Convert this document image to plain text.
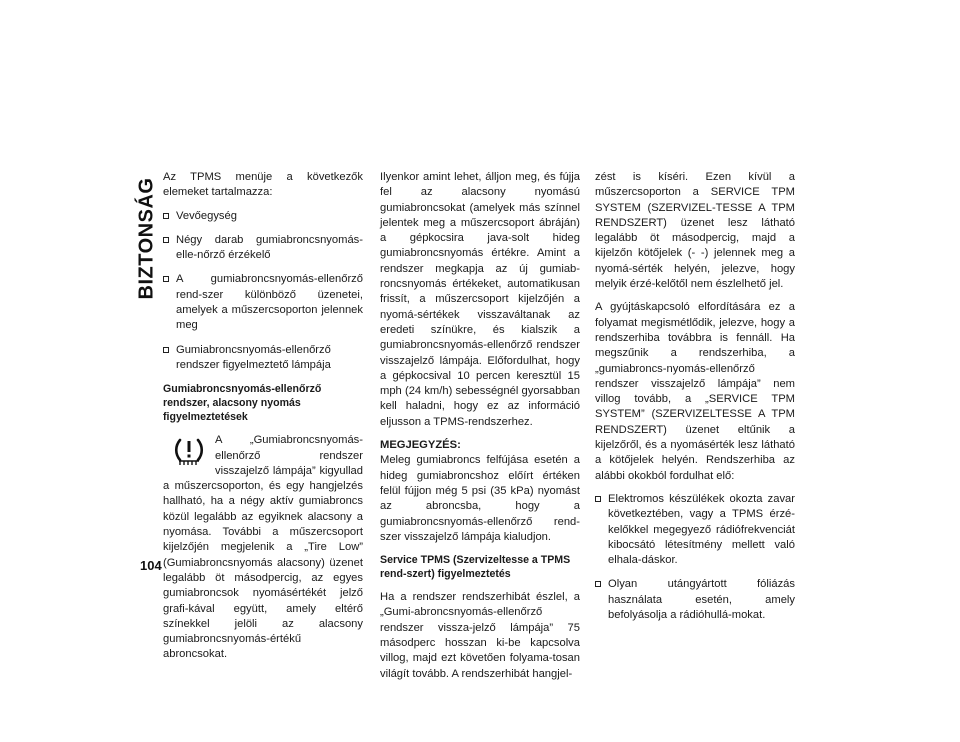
BIZTONSÁG

Az TPMS menüje a következők elemeket tartalmazza:

Vevőegység
Négy darab gumiabroncsnyomás-elle-nőrző érzékelő
A gumiabroncsnyomás-ellenőrző rend-szer különböző üzenetei, amelyek a műszercsoporton jelennek meg
Gumiabroncsnyomás-ellenőrző rendszer figyelmeztető lámpája
Gumiabroncsnyomás-ellenőrző rendszer, alacsony nyomás figyelmeztetések

A „Gumiabroncsnyomás-ellenőrző rendszer visszajelző lámpája” kigyullad a műszercsoporton, és egy hangjelzés hallható, ha a négy aktív gumiabroncs közül legalább az egyiknek alacsony a nyomása. További a műszercsoport kijelzőjén megjelenik a „Tire Low” (Gumiabroncsnyomás alacsony) üzenet legalább öt másodpercig, az egyes gumiabroncsok nyomásértékét jelző grafi-kával együtt, amely eltérő színekkel jelöli az alacsony gumiabroncsnyomás-értékű abroncsokat.

Ilyenkor amint lehet, álljon meg, és fújja fel az alacsony nyomású gumiabroncsokat (amelyek más színnel jelentek meg a műszercsoport ábráján) a gépkocsira java-solt hideg gumiabroncsnyomás értékre. Amint a rendszer megkapja az új gumiab-roncsnyomás értékeket, automatikusan frissít, a műszercsoport kijelzőjén a nyomá-sértékek visszaváltanak az eredeti színükre, és kialszik a gumiabroncsnyomás-ellenőrző rendszer visszajelző lámpája. Előfordulhat, hogy a gépkocsival 10 percen keresztül 15 mph (24 km/h) sebességnél gyorsabban kell haladni, hogy ez az információ eljusson a TPMS-rendszerhez.

MEGJEGYZÉS:
Meleg gumiabroncs felfújása esetén a hideg gumiabroncshoz előírt értéken felül fújjon még 5 psi (35 kPa) nyomást az abroncsba, hogy a gumiabroncsnyomás-ellenőrző rend-szer visszajelző lámpája kialudjon.

Service TPMS (Szervizeltesse a TPMS rend-szert) figyelmeztetés

Ha a rendszer rendszerhibát észlel, a „Gumi-abroncsnyomás-ellenőrző rendszer vissza-jelző lámpája” 75 másodperc hosszan ki-be kapcsolva villog, majd ezt követően folyama-tosan világít tovább. A rendszerhibát hangjel-

zést is kíséri. Ezen kívül a műszercsoporton a SERVICE TPM SYSTEM (SZERVIZEL-TESSE A TPM RENDSZERT) üzenet lesz látható legalább öt másodpercig, majd a kijelzőn kötőjelek (- -) jelennek meg a nyomá-sérték helyén, jelezve, hogy melyik érzé-kelőtől nem észlelhető jel.

A gyújtáskapcsoló elfordítására ez a folyamat megismétlődik, jelezve, hogy a rendszerhiba továbbra is fennáll. Ha megszűnik a rendszerhiba, a „gumiabroncs-nyomás-ellenőrző rendszer visszajelző lámpája” nem villog tovább, a „SERVICE TPM SYSTEM” (SZERVIZELTESSE A TPM RENDSZERT) üzenet eltűnik a kijelzőről, és a nyomásérték lesz látható a kötőjelek helyén. Rendszerhiba az alábbi okokból fordulhat elő:

Elektromos készülékek okozta zavar következtében, vagy a TPMS érzé-kelőkkel megegyező rádiófrekvenciát kibocsátó létesítmény mellett való elhala-dáskor.
Olyan utángyártott fóliázás használata esetén, amely befolyásolja a rádióhullá-mokat.
104
